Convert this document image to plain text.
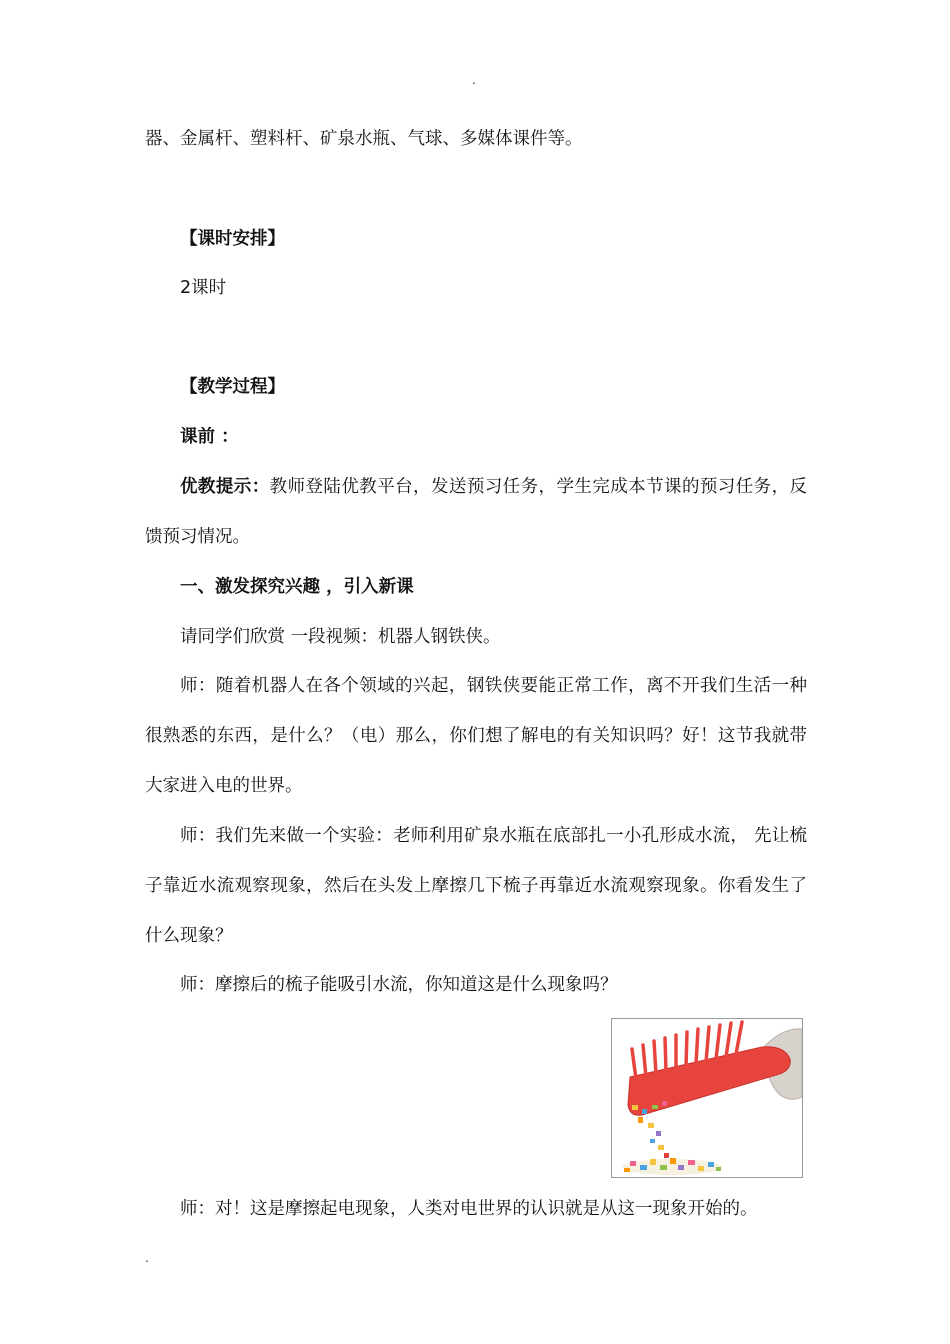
.

器、金属杆、塑料杆、矿泉水瓶、气球、多媒体课件等。

【课时安排】

2课时

【教学过程】

课前 ：

优教提示：教师登陆优教平台，发送预习任务，学生完成本节课的预习任务，反馈预习情况。

一、激发探究兴趣 ，引入新课

请同学们欣赏 一段视频：机器人钢铁侠。

师：随着机器人在各个领域的兴起，钢铁侠要能正常工作，离不开我们生活一种很熟悉的东西，是什么？（电）那么，你们想了解电的有关知识吗？好！这节我就带大家进入电的世界。

师：我们先来做一个实验：老师利用矿泉水瓶在底部扎一小孔形成水流， 先让梳子靠近水流观察现象，然后在头发上摩擦几下梳子再靠近水流观察现象。你看发生了什么现象？

师：摩擦后的梳子能吸引水流，你知道这是什么现象吗？

师：对！这是摩擦起电现象，人类对电世界的认识就是从这一现象开始的。

.
